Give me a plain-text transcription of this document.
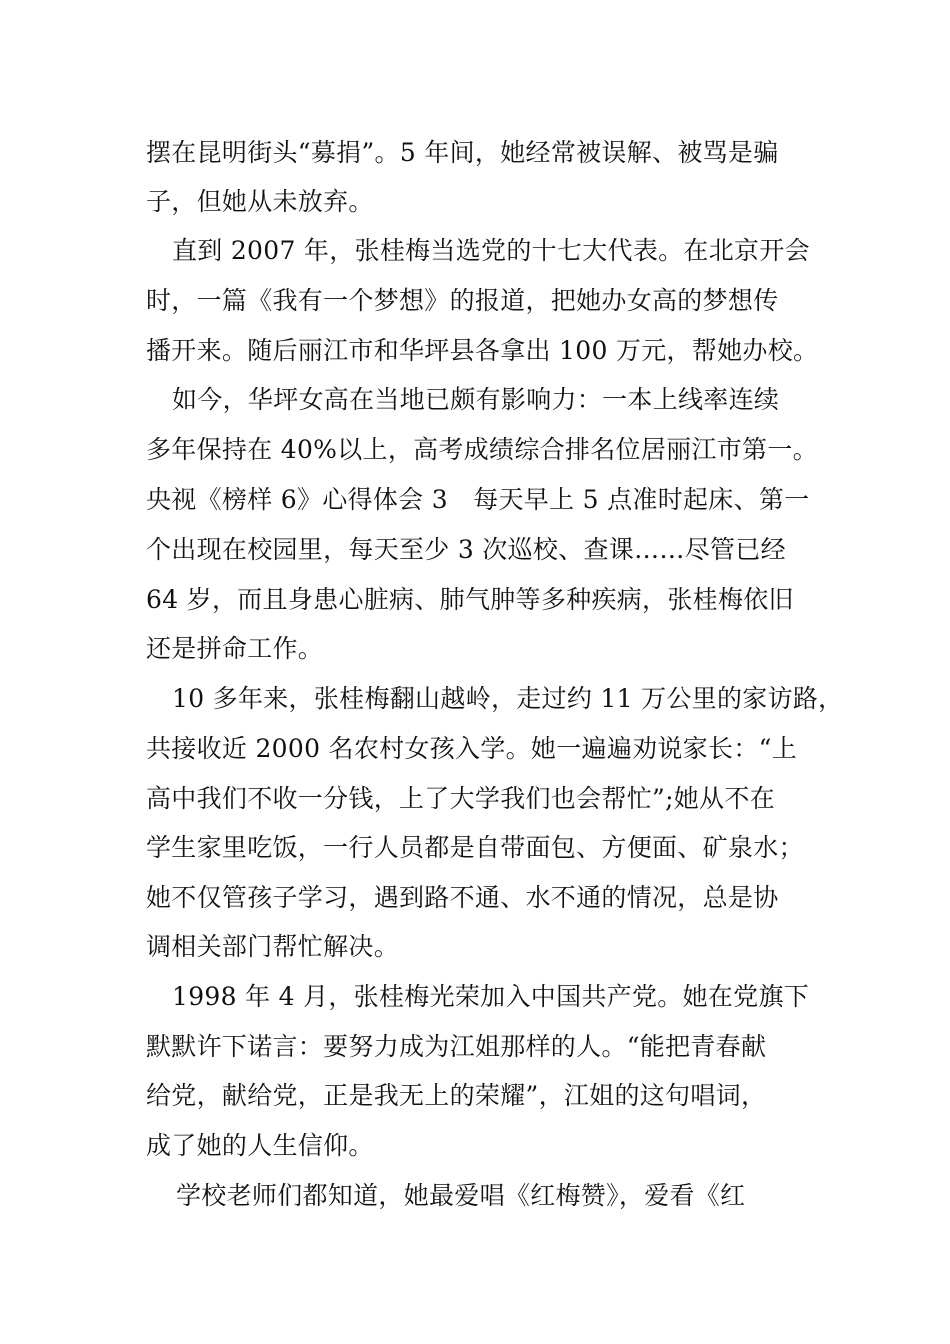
摆在昆明街头“募捐”。5 年间，她经常被误解、被骂是骗
子，但她从未放弃。
直到 2007 年，张桂梅当选党的十七大代表。在北京开会
时，一篇《我有一个梦想》的报道，把她办女高的梦想传
播开来。随后丽江市和华坪县各拿出 100 万元，帮她办校。
如今，华坪女高在当地已颇有影响力：一本上线率连续
多年保持在 40%以上，高考成绩综合排名位居丽江市第一。
央视《榜样 6》心得体会 3　每天早上 5 点准时起床、第一
个出现在校园里，每天至少 3 次巡校、查课……尽管已经
64 岁，而且身患心脏病、肺气肿等多种疾病，张桂梅依旧
还是拼命工作。
10 多年来，张桂梅翻山越岭，走过约 11 万公里的家访路，
共接收近 2000 名农村女孩入学。她一遍遍劝说家长：“上
高中我们不收一分钱，上了大学我们也会帮忙”;她从不在
学生家里吃饭，一行人员都是自带面包、方便面、矿泉水；
她不仅管孩子学习，遇到路不通、水不通的情况，总是协
调相关部门帮忙解决。
1998 年 4 月，张桂梅光荣加入中国共产党。她在党旗下
默默许下诺言：要努力成为江姐那样的人。“能把青春献
给党，献给党，正是我无上的荣耀”，江姐的这句唱词，
成了她的人生信仰。
学校老师们都知道，她最爱唱《红梅赞》，爱看《红
